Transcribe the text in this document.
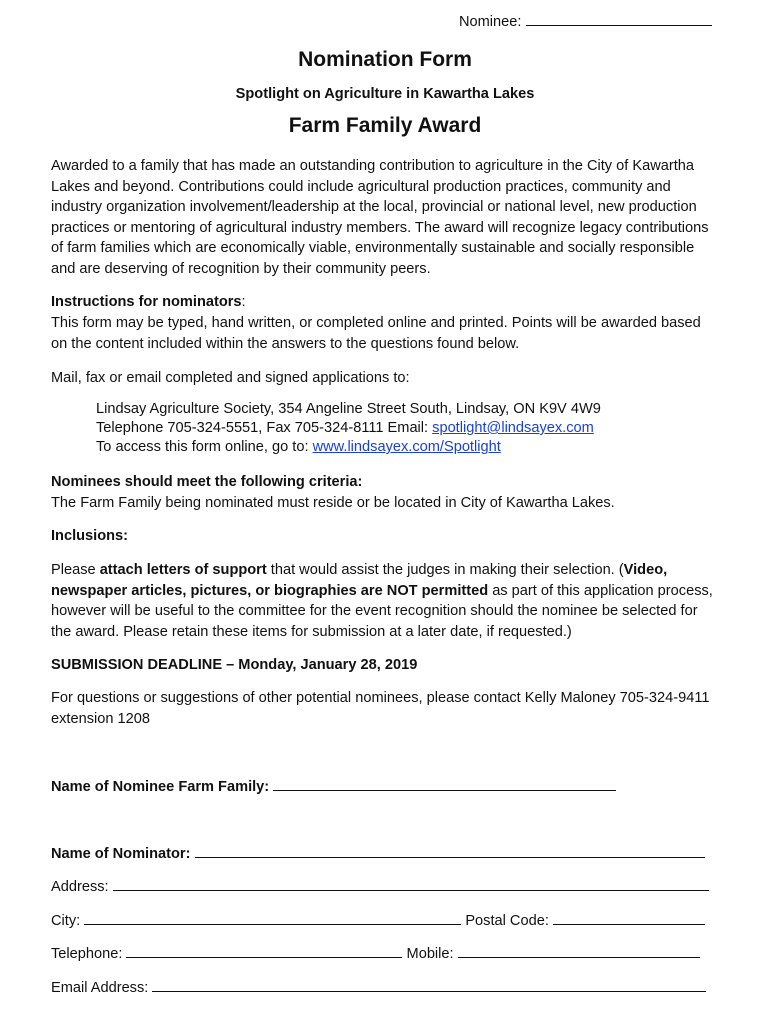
Nominee:
Nomination Form
Spotlight on Agriculture in Kawartha Lakes
Farm Family Award

Awarded to a family that has made an outstanding contribution to agriculture in the City of Kawartha Lakes and beyond. Contributions could include agricultural production practices, community and industry organization involvement/leadership at the local, provincial or national level, new production practices or mentoring of agricultural industry members. The award will recognize legacy contributions of farm families which are economically viable, environmentally sustainable and socially responsible and are deserving of recognition by their community peers.

Instructions for nominators:

This form may be typed, hand written, or completed online and printed. Points will be awarded based on the content included within the answers to the questions found below.

Mail, fax or email completed and signed applications to:
Lindsay Agriculture Society, 354 Angeline Street South, Lindsay, ON K9V 4W9
Telephone 705-324-5551, Fax 705-324-8111 Email: spotlight@lindsayex.com
To access this form online, go to: www.lindsayex.com/Spotlight
Nominees should meet the following criteria:
The Farm Family being nominated must reside or be located in City of Kawartha Lakes.
Inclusions:

Please attach letters of support that would assist the judges in making their selection. (Video, newspaper articles, pictures, or biographies are NOT permitted as part of this application process, however will be useful to the committee for the event recognition should the nominee be selected for the award. Please retain these items for submission at a later date, if requested.)

SUBMISSION DEADLINE – Monday, January 28, 2019

For questions or suggestions of other potential nominees, please contact Kelly Maloney 705-324-9411 extension 1208

Name of Nominee Farm Family:
Name of Nominator:
Address:
City:	Postal Code:
Telephone:	Mobile:
Email Address:
